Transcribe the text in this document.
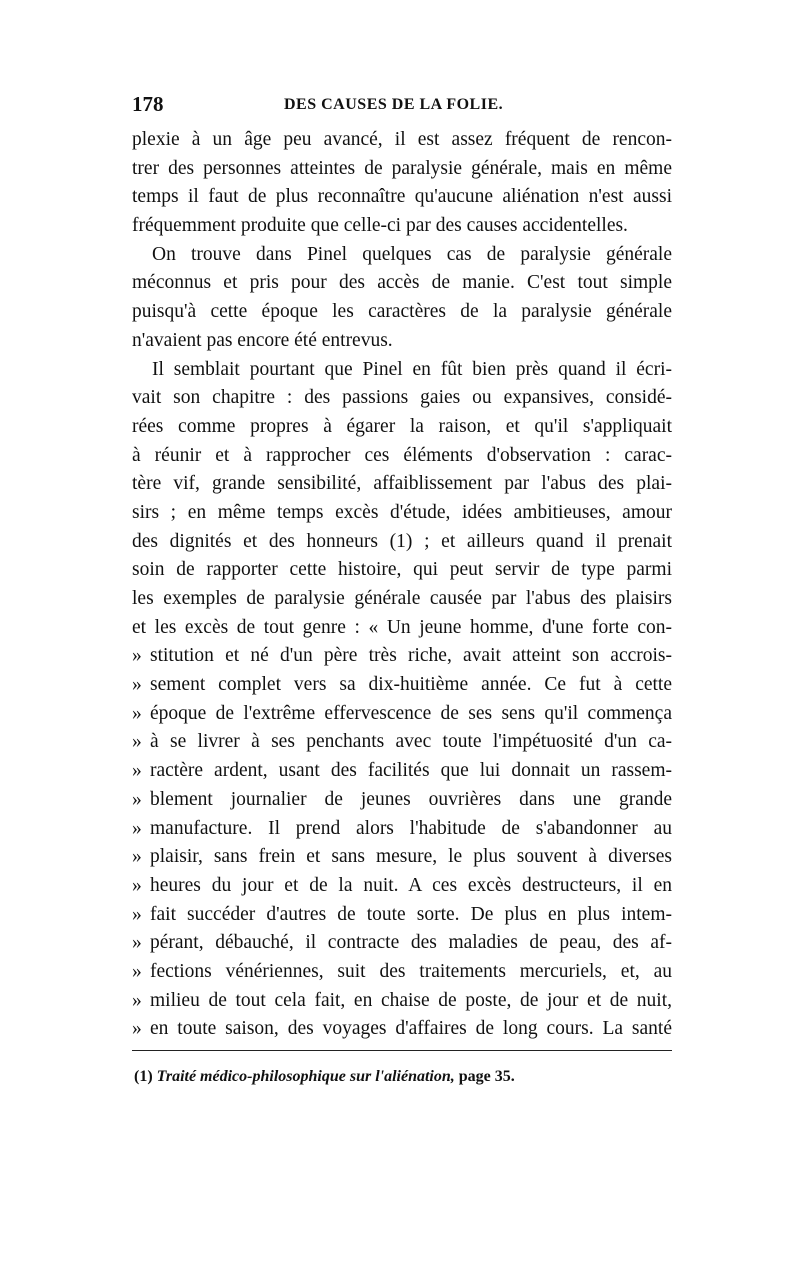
178	DES CAUSES DE LA FOLIE.
plexie à un âge peu avancé, il est assez fréquent de rencon-
trer des personnes atteintes de paralysie générale, mais en même
temps il faut de plus reconnaître qu'aucune aliénation n'est aussi
fréquemment produite que celle-ci par des causes accidentelles.
On trouve dans Pinel quelques cas de paralysie générale
méconnus et pris pour des accès de manie. C'est tout simple
puisqu'à cette époque les caractères de la paralysie générale
n'avaient pas encore été entrevus.
Il semblait pourtant que Pinel en fût bien près quand il écri-
vait son chapitre : des passions gaies ou expansives, considé-
rées comme propres à égarer la raison, et qu'il s'appliquait
à réunir et à rapprocher ces éléments d'observation : carac-
tère vif, grande sensibilité, affaiblissement par l'abus des plai-
sirs ; en même temps excès d'étude, idées ambitieuses, amour
des dignités et des honneurs (1) ; et ailleurs quand il prenait
soin de rapporter cette histoire, qui peut servir de type parmi
les exemples de paralysie générale causée par l'abus des plaisirs
et les excès de tout genre : « Un jeune homme, d'une forte con-
» stitution et né d'un père très riche, avait atteint son accrois-
» sement complet vers sa dix-huitième année. Ce fut à cette
» époque de l'extrême effervescence de ses sens qu'il commença
» à se livrer à ses penchants avec toute l'impétuosité d'un ca-
» ractère ardent, usant des facilités que lui donnait un rassem-
» blement journalier de jeunes ouvrières dans une grande
» manufacture. Il prend alors l'habitude de s'abandonner au
» plaisir, sans frein et sans mesure, le plus souvent à diverses
» heures du jour et de la nuit. A ces excès destructeurs, il en
» fait succéder d'autres de toute sorte. De plus en plus intem-
» pérant, débauché, il contracte des maladies de peau, des af-
» fections vénériennes, suit des traitements mercuriels, et, au
» milieu de tout cela fait, en chaise de poste, de jour et de nuit,
» en toute saison, des voyages d'affaires de long cours. La santé
(1) Traité médico-philosophique sur l'aliénation, page 35.
